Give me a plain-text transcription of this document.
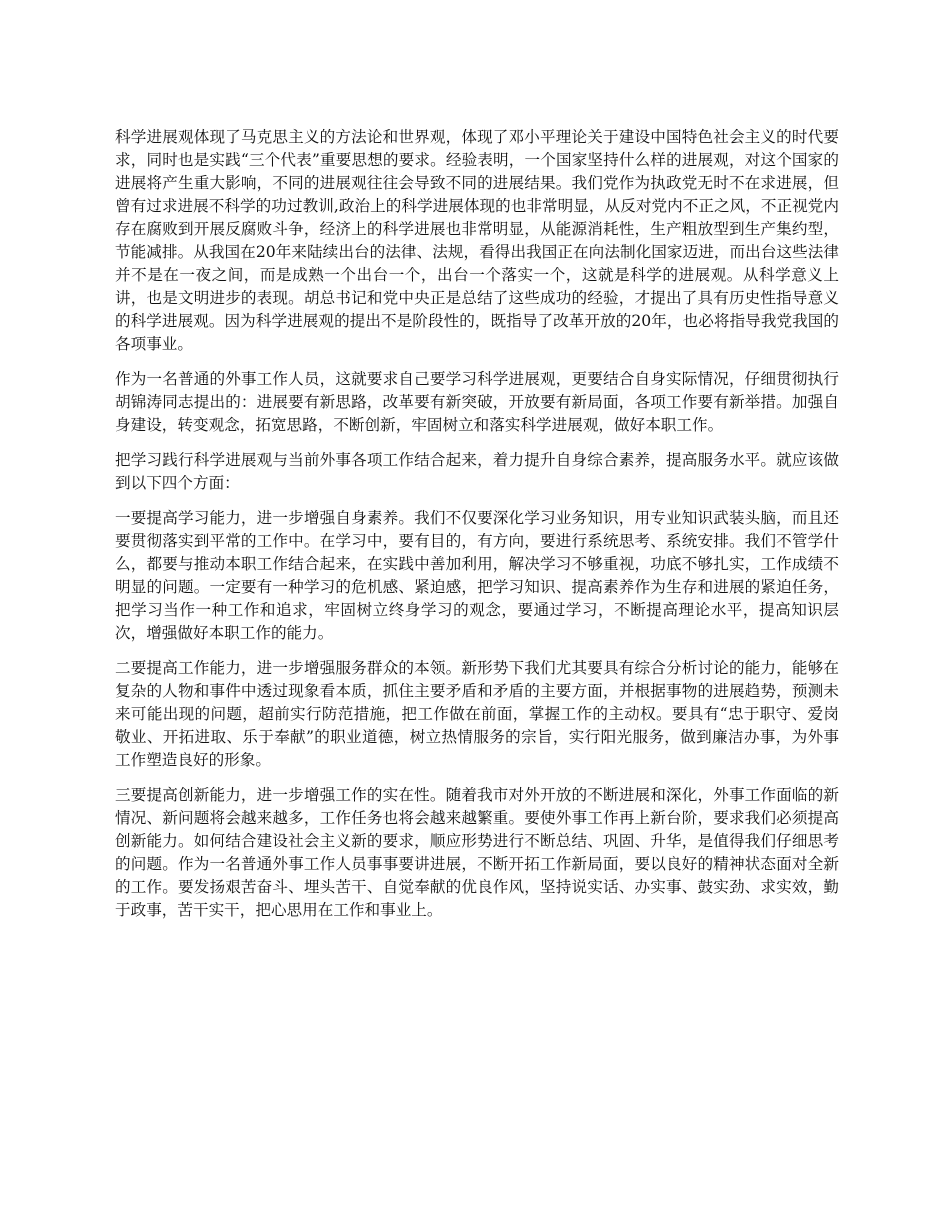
科学进展观体现了马克思主义的方法论和世界观，体现了邓小平理论关于建设中国特色社会主义的时代要求，同时也是实践“三个代表”重要思想的要求。经验表明，一个国家坚持什么样的进展观，对这个国家的进展将产生重大影响，不同的进展观往往会导致不同的进展结果。我们党作为执政党无时不在求进展，但曾有过求进展不科学的功过教训,政治上的科学进展体现的也非常明显，从反对党内不正之风，不正视党内存在腐败到开展反腐败斗争，经济上的科学进展也非常明显，从能源消耗性，生产粗放型到生产集约型，节能减排。从我国在20年来陆续出台的法律、法规，看得出我国正在向法制化国家迈进，而出台这些法律并不是在一夜之间，而是成熟一个出台一个，出台一个落实一个，这就是科学的进展观。从科学意义上讲，也是文明进步的表现。胡总书记和党中央正是总结了这些成功的经验，才提出了具有历史性指导意义的科学进展观。因为科学进展观的提出不是阶段性的，既指导了改革开放的20年，也必将指导我党我国的各项事业。

作为一名普通的外事工作人员，这就要求自己要学习科学进展观，更要结合自身实际情况，仔细贯彻执行胡锦涛同志提出的：进展要有新思路，改革要有新突破，开放要有新局面，各项工作要有新举措。加强自身建设，转变观念，拓宽思路，不断创新，牢固树立和落实科学进展观，做好本职工作。

把学习践行科学进展观与当前外事各项工作结合起来，着力提升自身综合素养，提高服务水平。就应该做到以下四个方面：

一要提高学习能力，进一步增强自身素养。我们不仅要深化学习业务知识，用专业知识武装头脑，而且还要贯彻落实到平常的工作中。在学习中，要有目的，有方向，要进行系统思考、系统安排。我们不管学什么，都要与推动本职工作结合起来，在实践中善加利用，解决学习不够重视，功底不够扎实，工作成绩不明显的问题。一定要有一种学习的危机感、紧迫感，把学习知识、提高素养作为生存和进展的紧迫任务，把学习当作一种工作和追求，牢固树立终身学习的观念，要通过学习，不断提高理论水平，提高知识层次，增强做好本职工作的能力。

二要提高工作能力，进一步增强服务群众的本领。新形势下我们尤其要具有综合分析讨论的能力，能够在复杂的人物和事件中透过现象看本质，抓住主要矛盾和矛盾的主要方面，并根据事物的进展趋势，预测未来可能出现的问题，超前实行防范措施，把工作做在前面，掌握工作的主动权。要具有“忠于职守、爱岗敬业、开拓进取、乐于奉献”的职业道德，树立热情服务的宗旨，实行阳光服务，做到廉洁办事，为外事工作塑造良好的形象。

三要提高创新能力，进一步增强工作的实在性。随着我市对外开放的不断进展和深化，外事工作面临的新情况、新问题将会越来越多，工作任务也将会越来越繁重。要使外事工作再上新台阶，要求我们必须提高创新能力。如何结合建设社会主义新的要求，顺应形势进行不断总结、巩固、升华，是值得我们仔细思考的问题。作为一名普通外事工作人员事事要讲进展，不断开拓工作新局面，要以良好的精神状态面对全新的工作。要发扬艰苦奋斗、埋头苦干、自觉奉献的优良作风，坚持说实话、办实事、鼓实劲、求实效，勤于政事，苦干实干，把心思用在工作和事业上。
